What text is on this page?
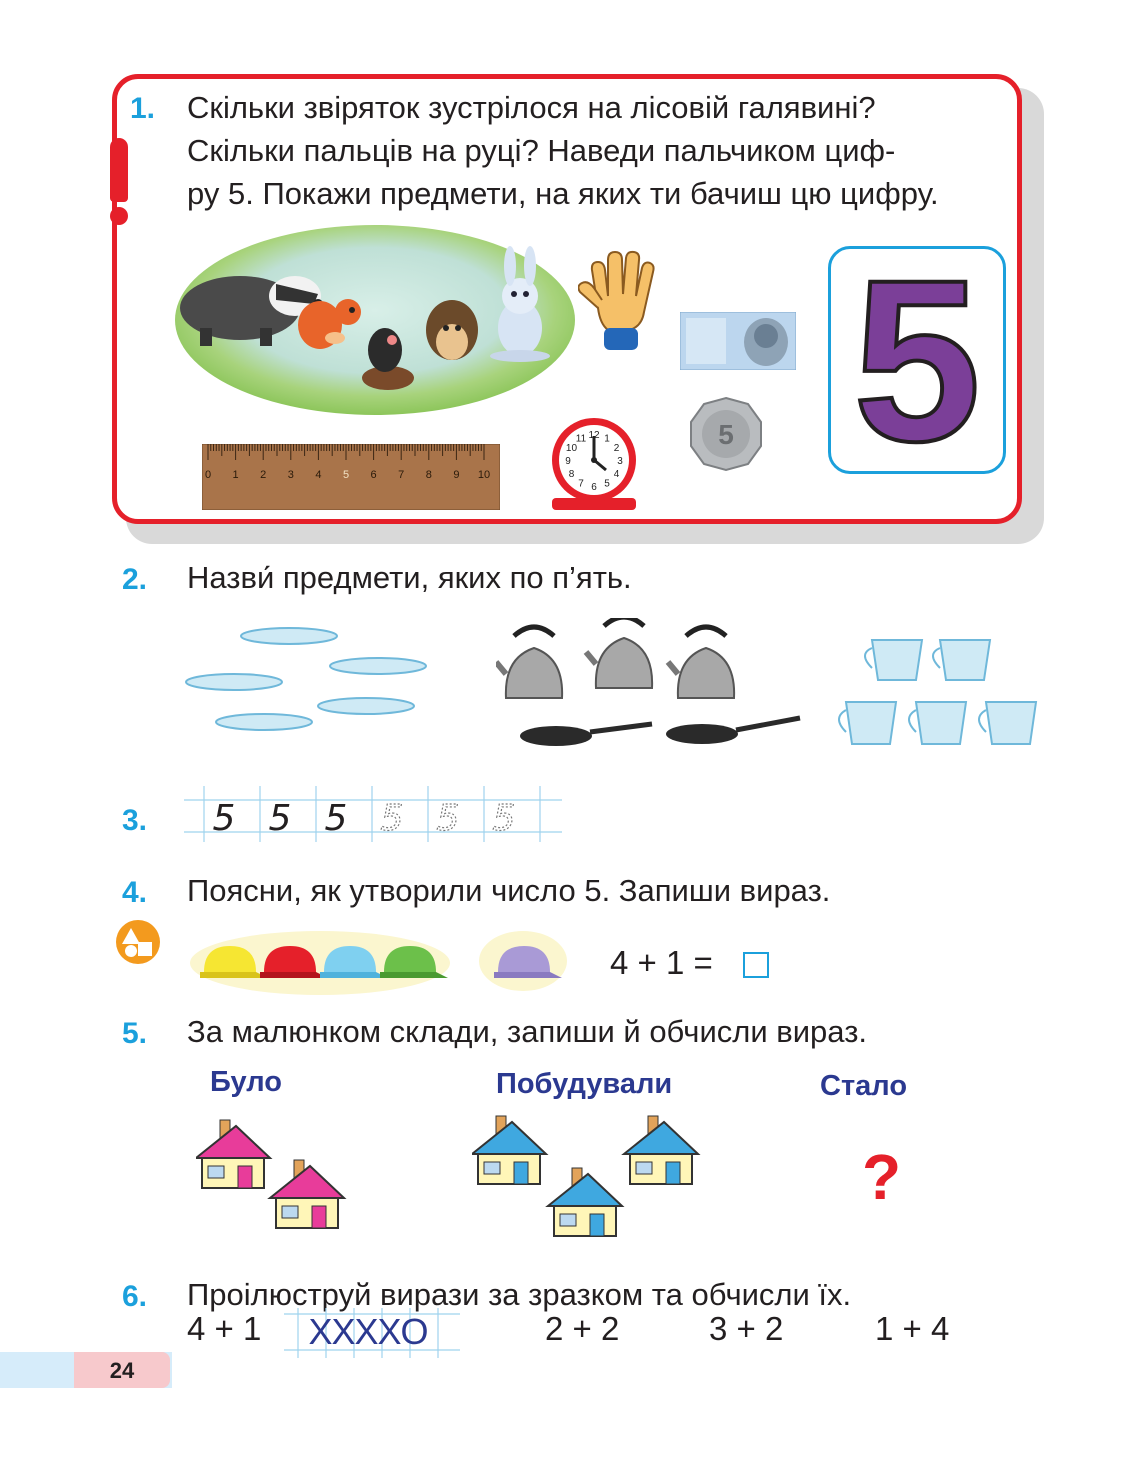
1. Скільки звіряток зустрілося на лісовій галявині?
Скільки пальців на руці? Наведи пальчиком циф-
ру 5. Покажи предмети, на яких ти бачиш цю цифру.
5
0 1 2 3 4 5 6 7 8 9 10
12 1
2
3
4
5
6
7
8
9
10
11	5
2. Назви́ предмети, яких по п’ять.
3. 5 5 5 5 5 5
4. Поясни, як утворили число 5. Запиши вираз.
4 + 1 =
5. За малюнком склади, запиши й обчисли вираз.
Було	Побудували	Стало
?
6. Проілюструй вирази за зразком та обчисли їх.
4 + 1 XXXXO	2 + 2	3 + 2	1 + 4
24
